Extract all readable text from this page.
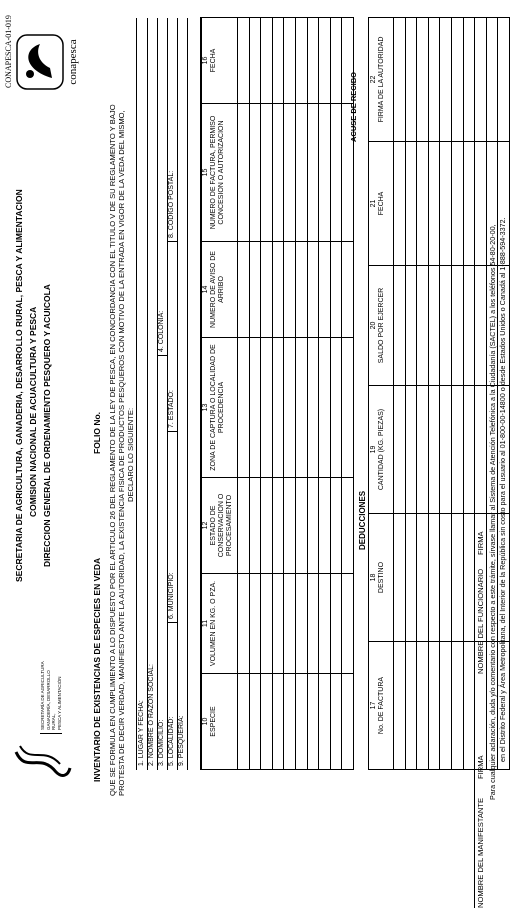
SECRETARÍA DE AGRICULTURA GANADERÍA, DESARROLLO RURAL, PESCA Y ALIMENTACIÓN
CONAPESCA-01-019	conapesca
SECRETARIA DE AGRICULTURA, GANADERIA, DESARROLLO RURAL, PESCA Y ALIMENTACION COMISION NACIONAL DE ACUACULTURA Y PESCA DIRECCION GENERAL DE ORDENAMIENTO PESQUERO Y ACUICOLA
INVENTARIO DE EXISTENCIAS DE ESPECIES EN VEDA
FOLIO No. QUE SE FORMULA EN CUMPLIMIENTO A LO DISPUESTO POR EL ARTICULO 26 DEL REGLAMENTO DE LA LEY DE PESCA, EN CONCORDANCIA CON EL TITULO V DE SU REGLAMENTO Y BAJO PROTESTA DE DECIR VERDAD, MANIFIESTO ANTE LA AUTORIDAD, LA EXISTENCIA FISICA DE PRODUCTOS PESQUEROS CON MOTIVO DE LA ENTRADA EN VIGOR DE LA VEDA DEL MISMO, DECLARO LO SIGUIENTE:
1. LUGAR Y FECHA: 2. NOMBRE O RAZON SOCIAL: 3. DOMICILIO:
4. COLONIA:
5. LOCALIDAD:
6. MUNICIPIO:
7. ESTADO:
8. CODIGO POSTAL:
9. PESQUERIA: 10 ESPECIE	11 VOLUMEN EN KG. O PZA.	12 ESTADO DE CONSERVACION O PROCESAMIENTO	13 ZONA DE CAPTURA O LOCALIDAD DE PROCEDENCIA	14 NUMERO DE AVISO DE ARRIBO	15 NUMERO DE FACTURA, PERMISO CONCESION O AUTORIZACION	16 FECHA

DEDUCCIONES
17 No. DE FACTURA	18 DESTINO	19 CANTIDAD (KG. PIEZAS)	20 SALDO POR EJERCER	21 FECHA	22 FIRMA DE LA AUTORIDAD

ACUSE DE RECIBO
NOMBRE DEL MANIFESTANTE
FIRMA
NOMBRE DEL FUNCIONARIO
FIRMA Para cualquier aclaración, duda y/o comentario con respecto a este trámite, sírvase llamar al Sistema de Atención Telefónica a la Ciudadanía (SACTEL) a los teléfonos 54-80-20-00, en el Distrito Federal y Área Metropolitana, del Interior de la República sin costo para el usuario al 01-800-00-14800 o desde Estados Unidos o Canadá al 1-888-594-3372.
